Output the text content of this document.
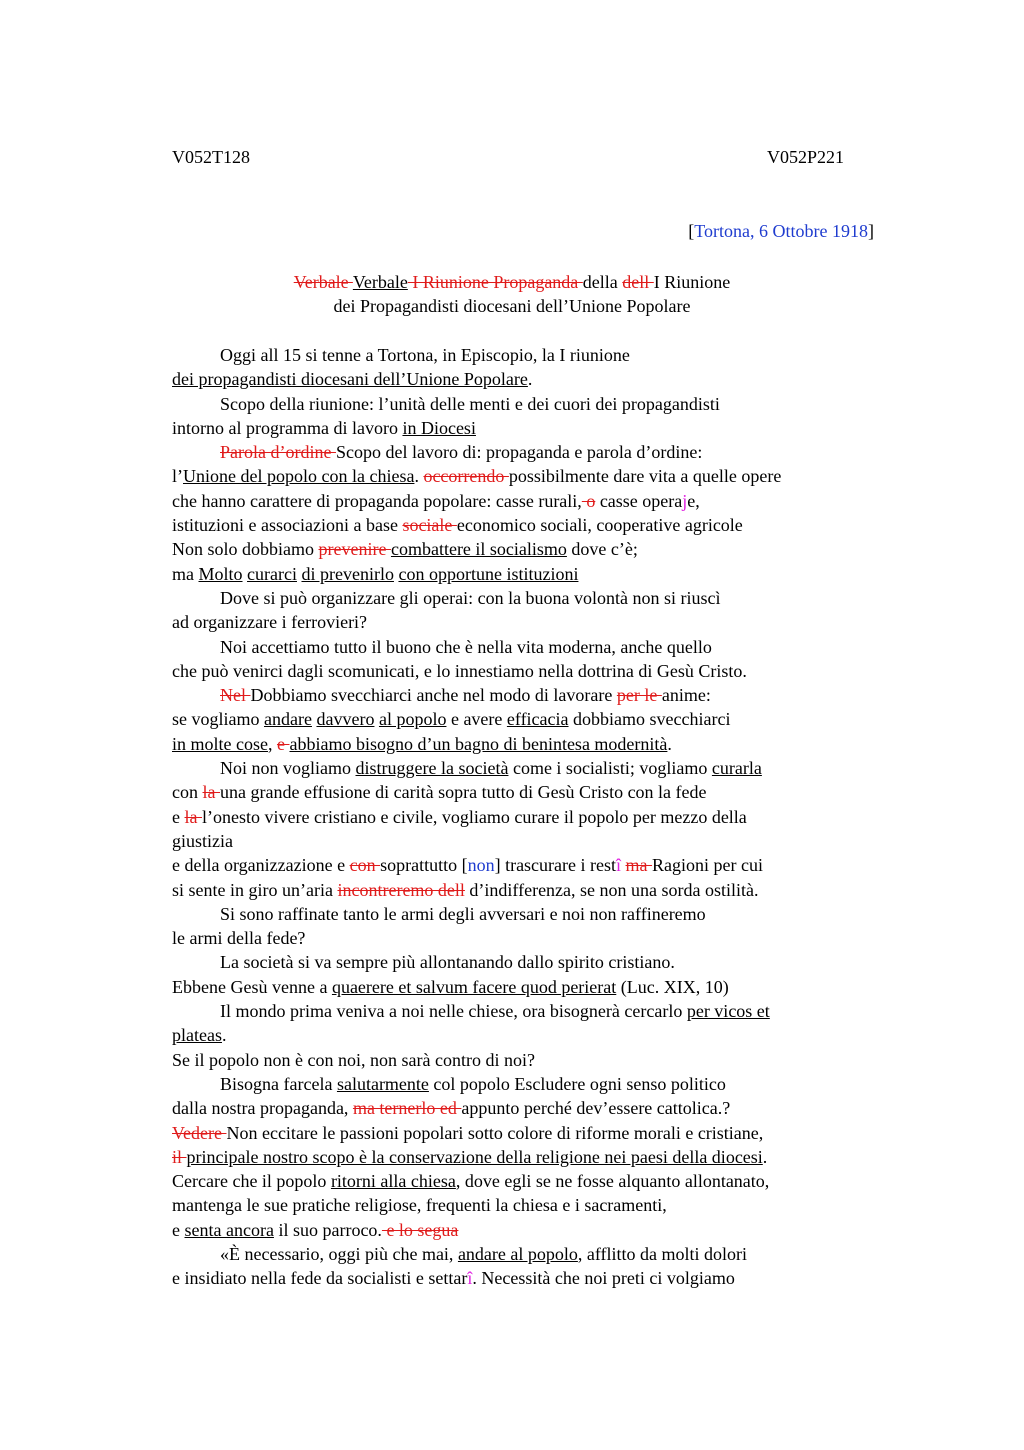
V052T128	V052P221
[Tortona, 6 Ottobre 1918]
Verbale Verbale I Riunione Propaganda della dell I Riunione
dei Propagandisti diocesani dell’Unione Popolare
Oggi all 15 si tenne a Tortona, in Episcopio, la I riunione
dei propagandisti diocesani dell’Unione Popolare.
Scopo della riunione: l’unità delle menti e dei cuori dei propagandisti
intorno al programma di lavoro in Diocesi
Parola d’ordine Scopo del lavoro di: propaganda e parola d’ordine:
l’Unione del popolo con la chiesa. occorrendo possibilmente dare vita a quelle opere
che hanno carattere di propaganda popolare: casse rurali, o casse operaje,
istituzioni e associazioni a base sociale economico sociali, cooperative agricole
Non solo dobbiamo prevenire combattere il socialismo dove c’è;
ma Molto curarci di prevenirlo con opportune istituzioni
Dove si può organizzare gli operai: con la buona volontà non si riuscì
ad organizzare i ferrovieri?
Noi accettiamo tutto il buono che è nella vita moderna, anche quello
che può venirci dagli scomunicati, e lo innestiamo nella dottrina di Gesù Cristo.
Nel Dobbiamo svecchiarci anche nel modo di lavorare per le anime:
se vogliamo andare davvero al popolo e avere efficacia dobbiamo svecchiarci
in molte cose, e abbiamo bisogno d’un bagno di benintesa modernità.
Noi non vogliamo distruggere la società come i socialisti; vogliamo curarla
con la una grande effusione di carità sopra tutto di Gesù Cristo con la fede
e la l’onesto vivere cristiano e civile, vogliamo curare il popolo per mezzo della
giustizia
e della organizzazione e con soprattutto [non] trascurare i restî ma Ragioni per cui
si sente in giro un’aria incontreremo dell d’indifferenza, se non una sorda ostilità.
Si sono raffinate tanto le armi degli avversari e noi non raffineremo
le armi della fede?
La società si va sempre più allontanando dallo spirito cristiano.
Ebbene Gesù venne a quaerere et salvum facere quod perierat (Luc. XIX, 10)
Il mondo prima veniva a noi nelle chiese, ora bisognerà cercarlo per vicos et
plateas.
Se il popolo non è con noi, non sarà contro di noi?
Bisogna farcela salutarmente col popolo Escludere ogni senso politico
dalla nostra propaganda, ma ternerlo ed appunto perché dev’essere cattolica.?
Vedere Non eccitare le passioni popolari sotto colore di riforme morali e cristiane,
il principale nostro scopo è la conservazione della religione nei paesi della diocesi.
Cercare che il popolo ritorni alla chiesa, dove egli se ne fosse alquanto allontanato,
mantenga le sue pratiche religiose, frequenti la chiesa e i sacramenti,
e senta ancora il suo parroco. e lo segua
«È necessario, oggi più che mai, andare al popolo, afflitto da molti dolori
e insidiato nella fede da socialisti e settarî. Necessità che noi preti ci volgiamo
